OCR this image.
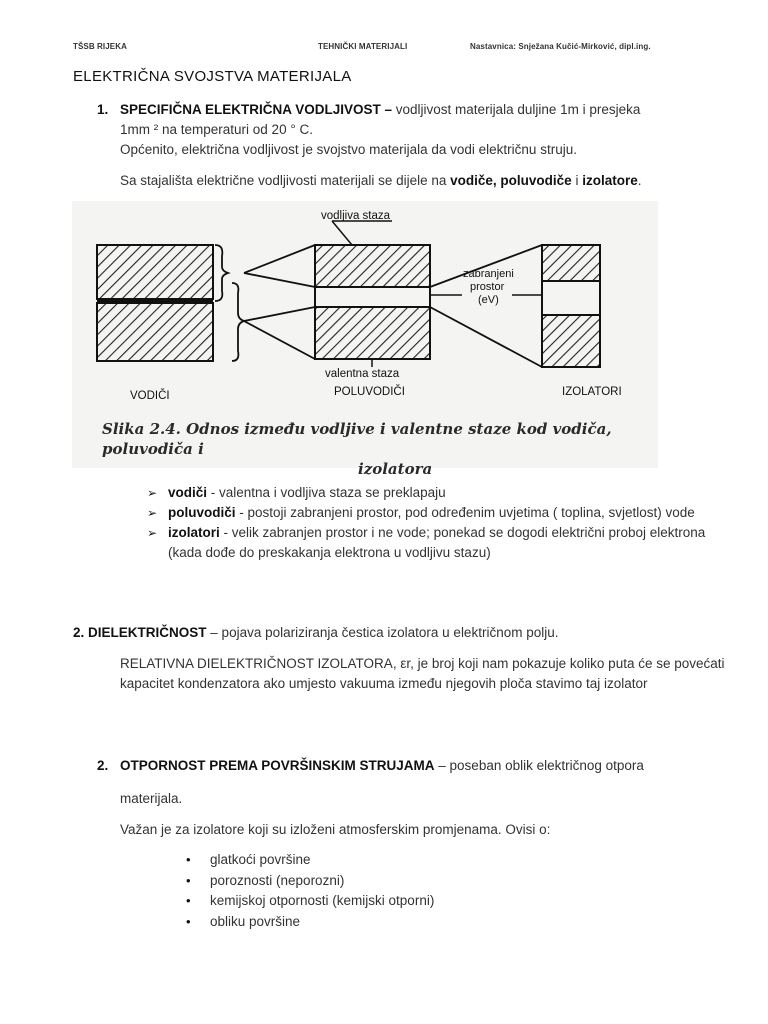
TŠSB RIJEKA	TEHNIČKI MATERIJALI	Nastavnica: Snježana Kučić-Mirković, dipl.ing.
ELEKTRIČNA SVOJSTVA MATERIJALA
1. SPECIFIČNA ELEKTRIČNA VODLJIVOST – vodljivost materijala duljine 1m i presjeka
1mm ² na temperaturi od 20 ° C.
Općenito, električna vodljivost je svojstvo materijala da vodi električnu struju.
Sa stajališta električne vodljivosti materijali se dijele na vodiče, poluvodiče i izolatore.
vodljiva staza
zabranjeni
prostor
(eV)
valentna staza
VODIČI	POLUVODIČI	IZOLATORI
Slika 2.4. Odnos između vodljive i valentne staze kod vodiča, poluvodiča i
izolatora
➢ vodiči - valentna i vodljiva staza se preklapaju
➢ poluvodiči - postoji zabranjeni prostor, pod određenim uvjetima ( toplina, svjetlost) vode
➢ izolatori - velik zabranjen prostor i ne vode; ponekad se dogodi električni proboj elektrona (kada dođe do preskakanja elektrona u vodljivu stazu)
2. DIELEKTRIČNOST – pojava polariziranja čestica izolatora u električnom polju.
RELATIVNA DIELEKTRIČNOST IZOLATORA, εr, je broj koji nam pokazuje koliko puta će se povećati kapacitet kondenzatora ako umjesto vakuuma između njegovih ploča stavimo taj izolator
2. OTPORNOST PREMA POVRŠINSKIM STRUJAMA – poseban oblik električnog otpora
materijala.
Važan je za izolatore koji su izloženi atmosferskim promjenama. Ovisi o:
• glatkoći površine
• poroznosti (neporozni)
• kemijskoj otpornosti (kemijski otporni)
• obliku površine
